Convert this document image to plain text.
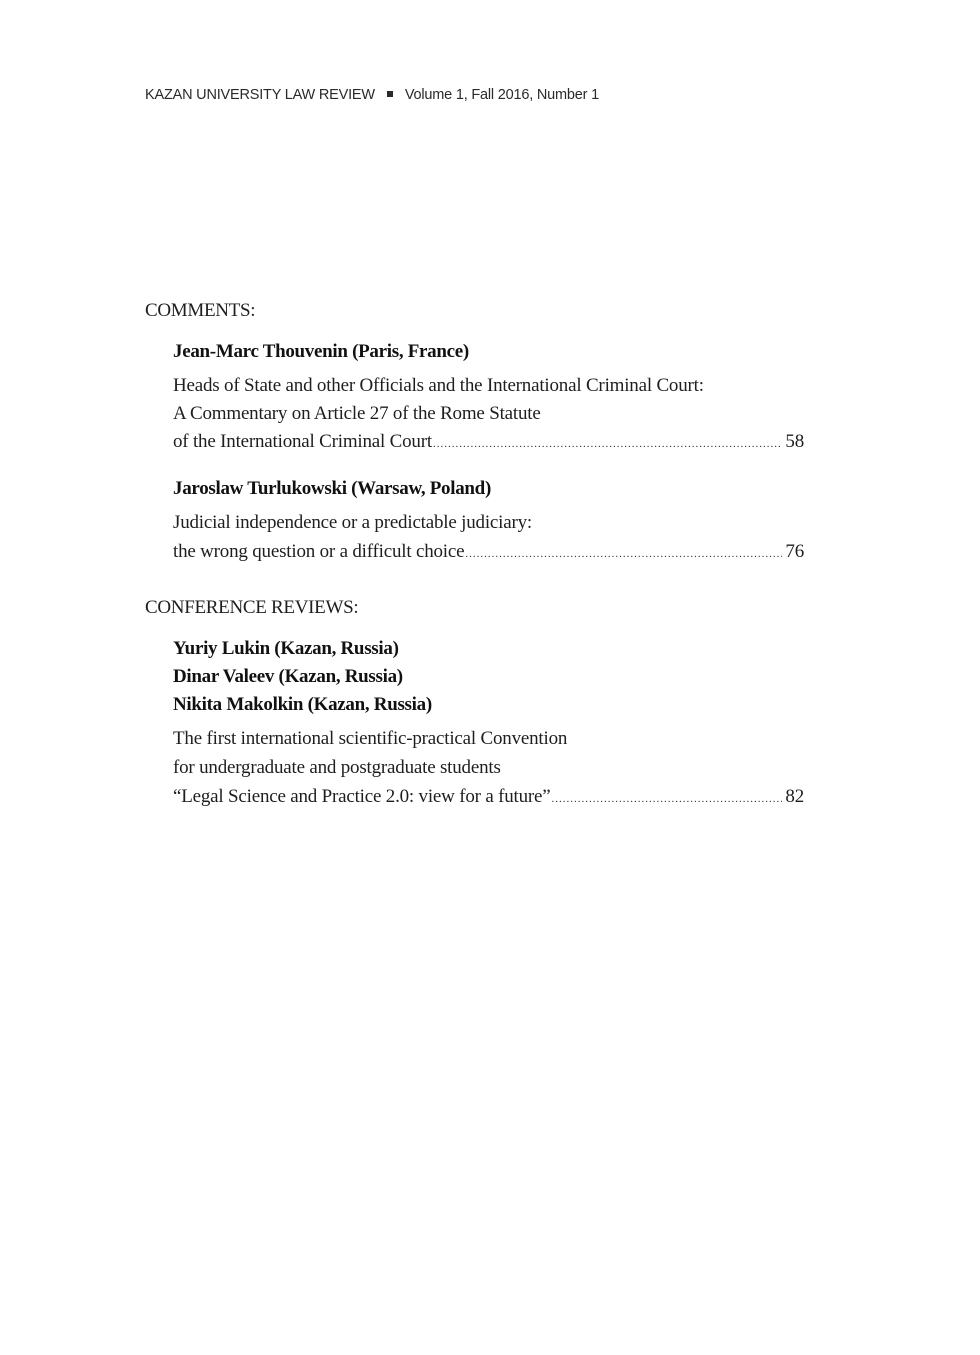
KAZAN UNIVERSITY LAW REVIEW Volume 1, Fall 2016, Number 1
COMMENTS:
Jean-Marc Thouvenin (Paris, France)
Heads of State and other Officials and the International Criminal Court:
A Commentary on Article 27 of the Rome Statute
of the International Criminal Court .....	58
Jaroslaw Turlukowski (Warsaw, Poland)
Judicial independence or a predictable judiciary:
the wrong question or a difficult choice .....	76
CONFERENCE REVIEWS:
Yuriy Lukin (Kazan, Russia)
Dinar Valeev (Kazan, Russia)
Nikita Makolkin (Kazan, Russia)
The first international scientific-practical Convention
for undergraduate and postgraduate students
“Legal Science and Practice 2.0: view for a future” .....	82
